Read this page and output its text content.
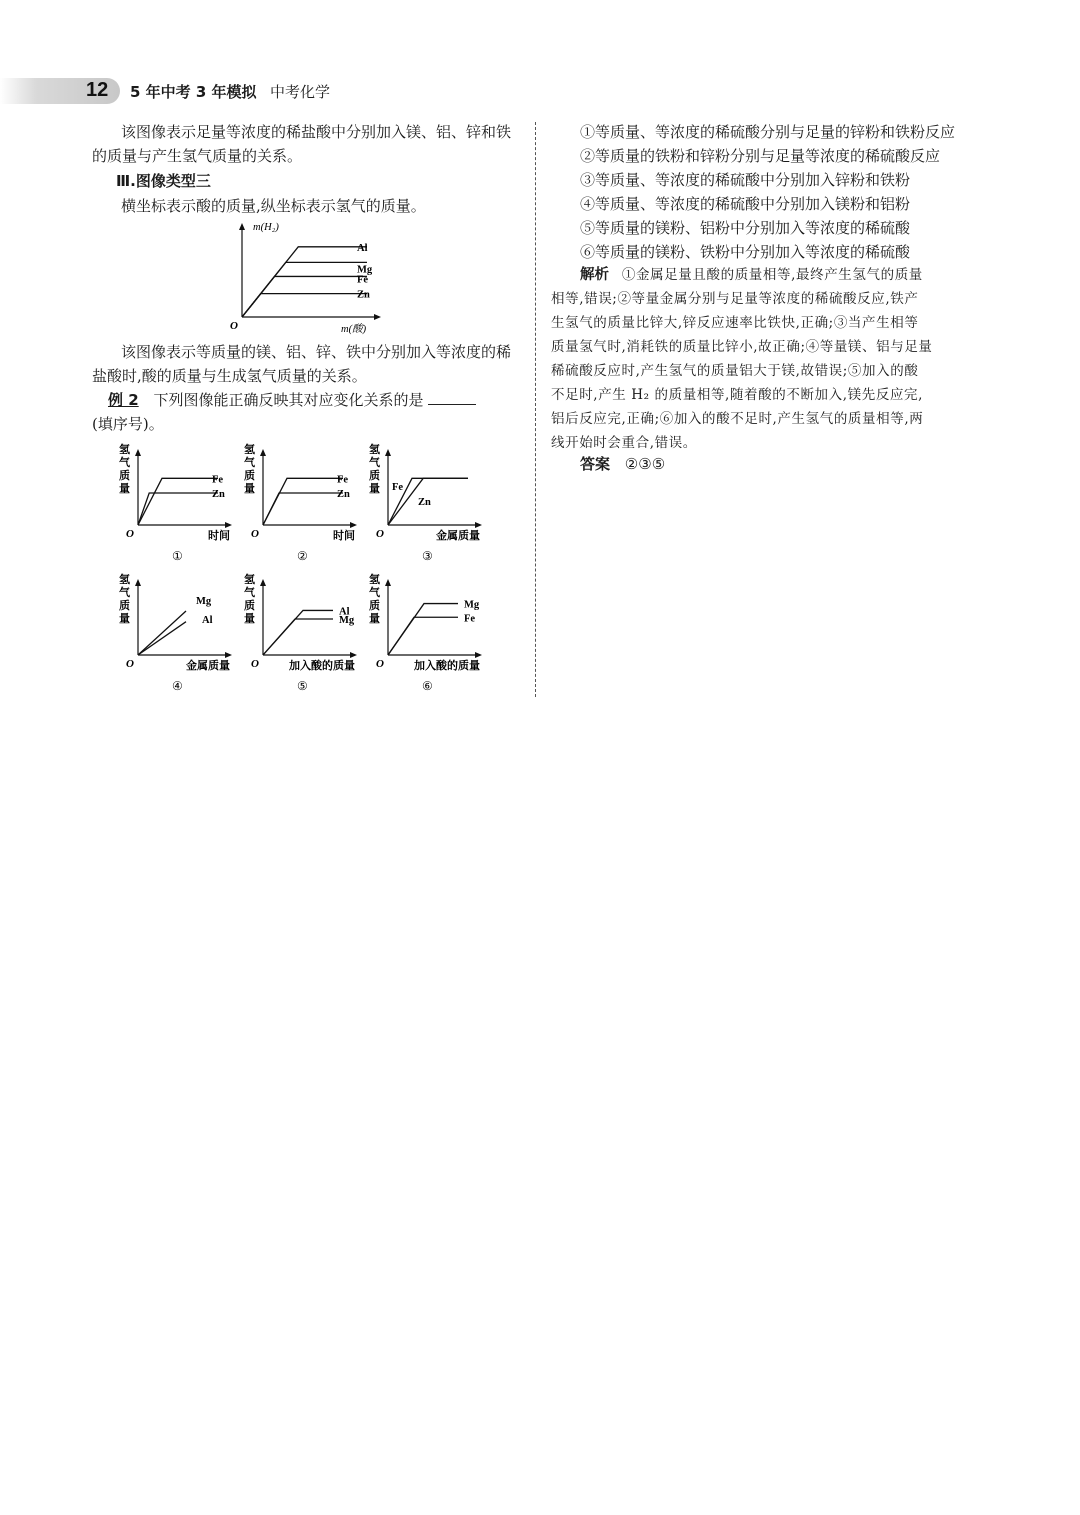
12 5 年中考 3 年模拟 中考化学
该图像表示足量等浓度的稀盐酸中分别加入镁、铝、锌和铁
的质量与产生氢气质量的关系。
Ⅲ.图像类型三
横坐标表示酸的质量,纵坐标表示氢气的质量。
O
Al
Mg
Fe
Zn
m(H₂)
m(酸)
该图像表示等质量的镁、铝、锌、铁中分别加入等浓度的稀
盐酸时,酸的质量与生成氢气质量的关系。
例 2 下列图像能正确反映其对应变化关系的是
(填序号)。
O
Fe
Zn
氢
气
质
量
时间
①
O
Fe
Zn
氢
气
质
量
时间
②
O
Fe
Zn
氢
气
质
量
金属质量
③
O
Mg
Al
氢
气
质
量
金属质量
④
O
Al
Mg
氢
气
质
量
加入酸的质量
⑤
O
Mg
Fe
氢
气
质
量
加入酸的质量
⑥
①等质量、等浓度的稀硫酸分别与足量的锌粉和铁粉反应
②等质量的铁粉和锌粉分别与足量等浓度的稀硫酸反应
③等质量、等浓度的稀硫酸中分别加入锌粉和铁粉
④等质量、等浓度的稀硫酸中分别加入镁粉和铝粉
⑤等质量的镁粉、铝粉中分别加入等浓度的稀硫酸
⑥等质量的镁粉、铁粉中分别加入等浓度的稀硫酸
解析 ①金属足量且酸的质量相等,最终产生氢气的质量
相等,错误;②等量金属分别与足量等浓度的稀硫酸反应,铁产
生氢气的质量比锌大,锌反应速率比铁快,正确;③当产生相等
质量氢气时,消耗铁的质量比锌小,故正确;④等量镁、铝与足量
稀硫酸反应时,产生氢气的质量铝大于镁,故错误;⑤加入的酸
不足时,产生 H₂ 的质量相等,随着酸的不断加入,镁先反应完,
铝后反应完,正确;⑥加入的酸不足时,产生氢气的质量相等,两
线开始时会重合,错误。
答案 ②③⑤
